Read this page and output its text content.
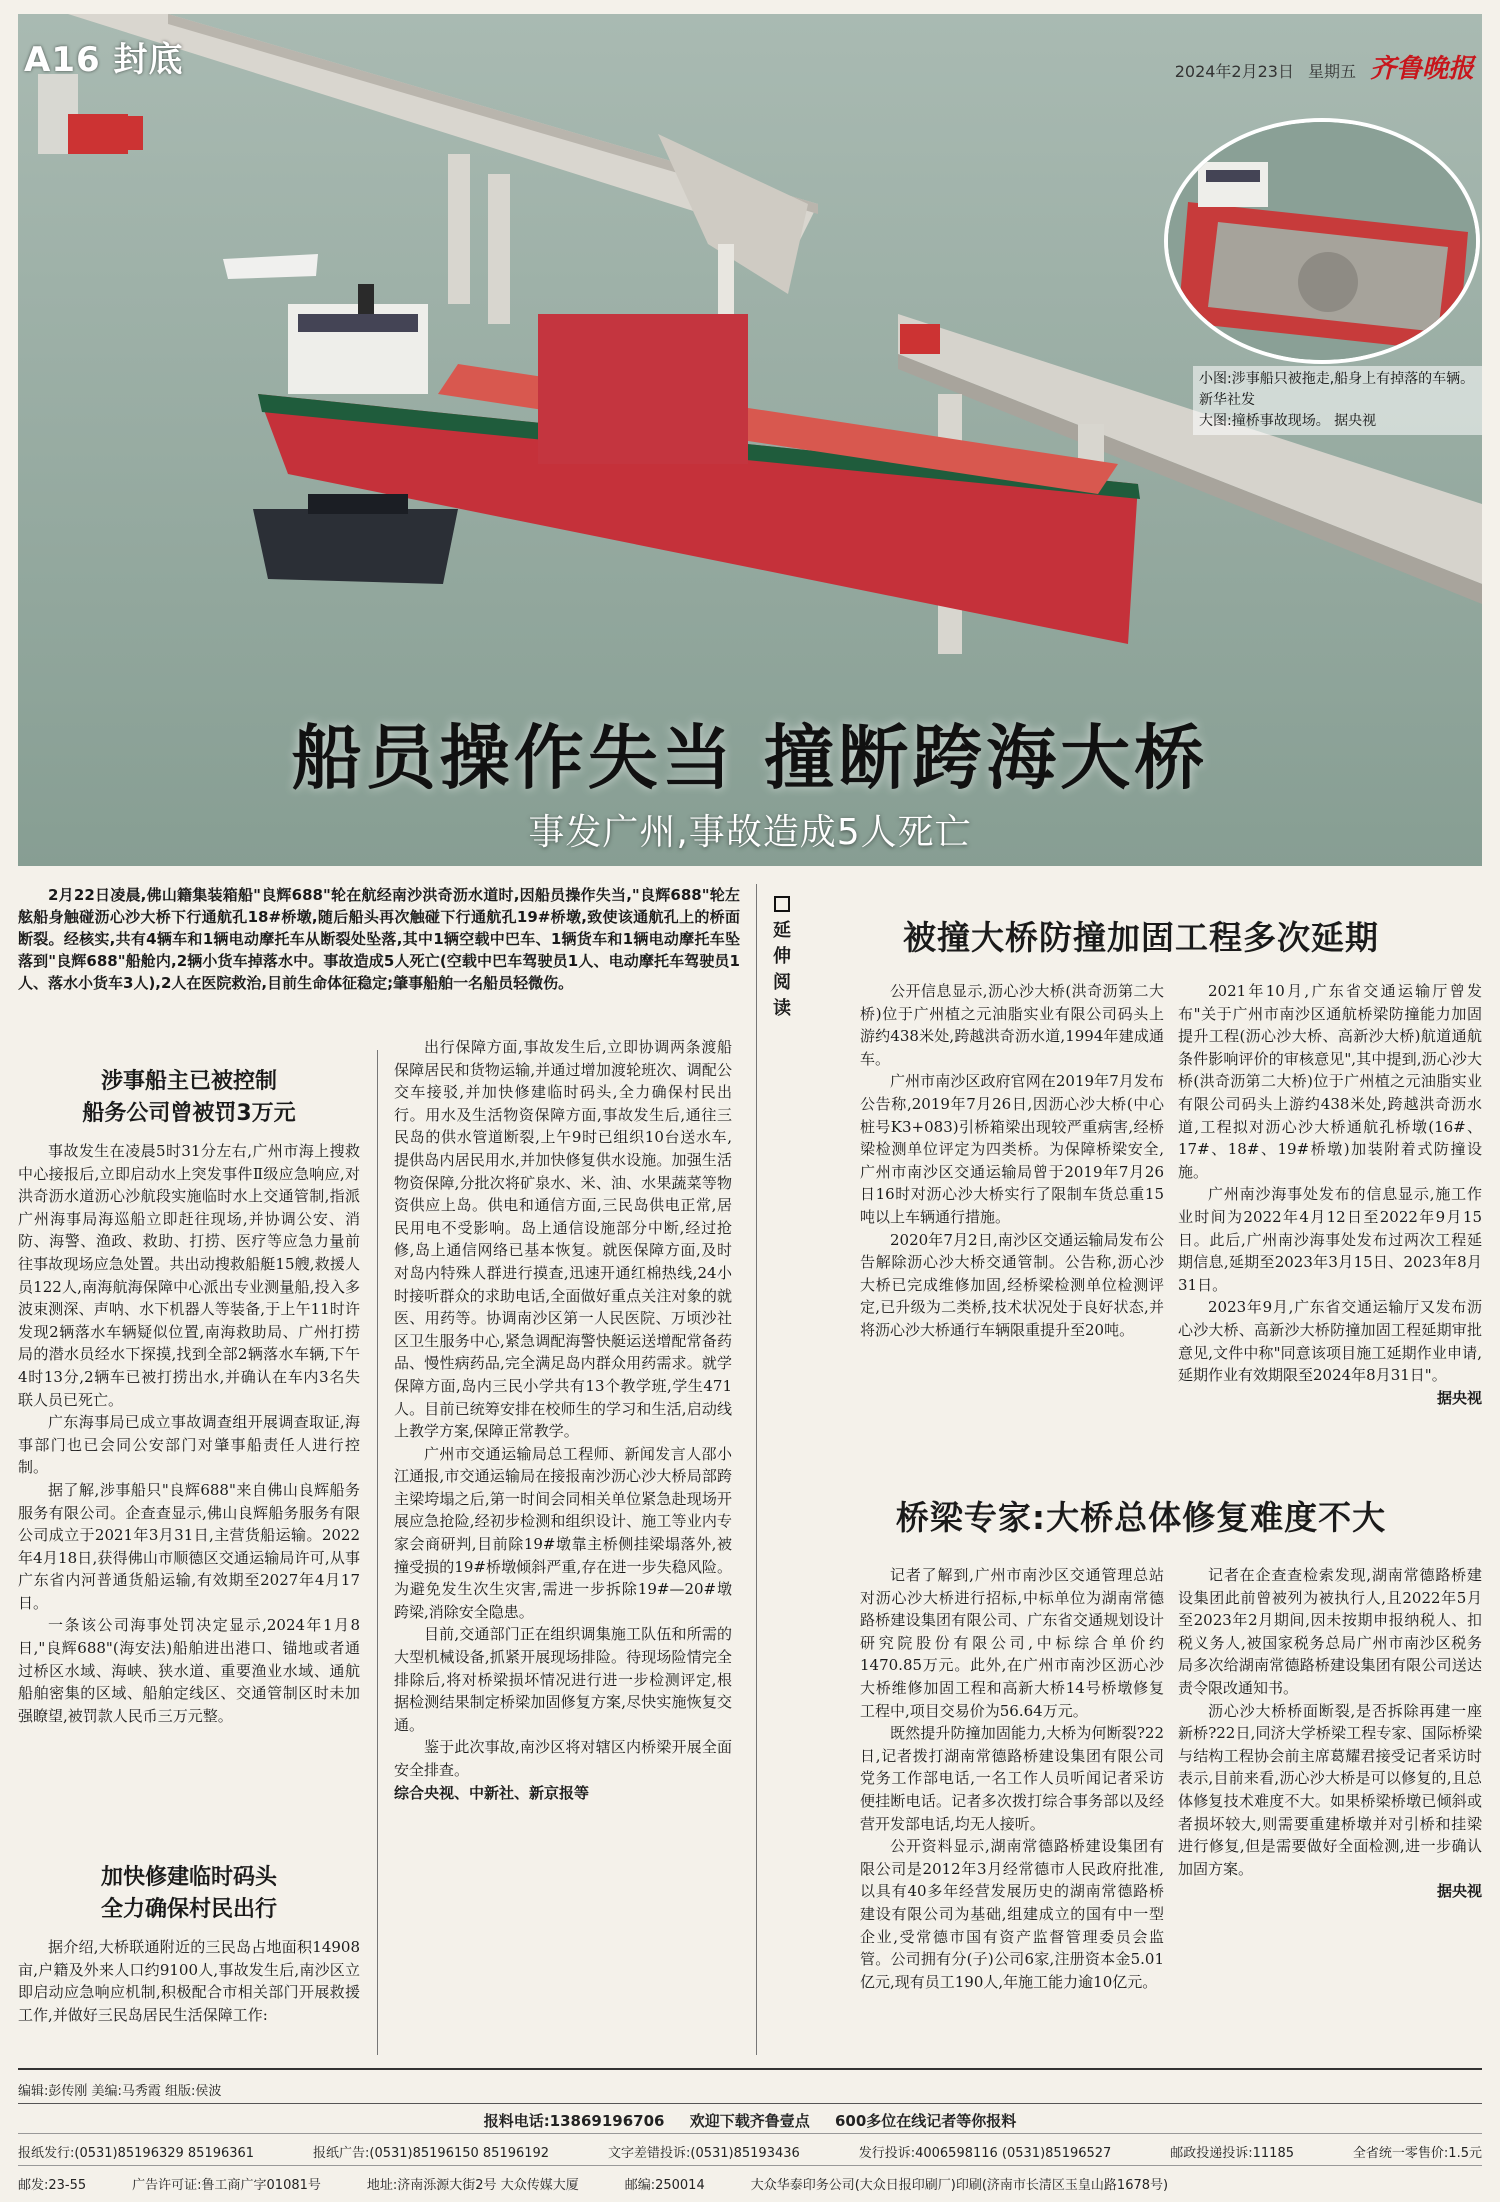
A16 封底	2024年2月23日 星期五 齐鲁晚报
小图:涉事船只被拖走,船身上有掉落的车辆。 新华社发
大图:撞桥事故现场。 据央视
船员操作失当 撞断跨海大桥
事发广州,事故造成5人死亡

2月22日凌晨,佛山籍集装箱船"良辉688"轮在航经南沙洪奇沥水道时,因船员操作失当,"良辉688"轮左舷船身触碰沥心沙大桥下行通航孔18#桥墩,随后船头再次触碰下行通航孔19#桥墩,致使该通航孔上的桥面断裂。经核实,共有4辆车和1辆电动摩托车从断裂处坠落,其中1辆空载中巴车、1辆货车和1辆电动摩托车坠落到"良辉688"船舱内,2辆小货车掉落水中。事故造成5人死亡(空载中巴车驾驶员1人、电动摩托车驾驶员1人、落水小货车3人),2人在医院救治,目前生命体征稳定;肇事船舶一名船员轻微伤。

涉事船主已被控制
船务公司曾被罚3万元

事故发生在凌晨5时31分左右,广州市海上搜救中心接报后,立即启动水上突发事件Ⅱ级应急响应,对洪奇沥水道沥心沙航段实施临时水上交通管制,指派广州海事局海巡船立即赶往现场,并协调公安、消防、海警、渔政、救助、打捞、医疗等应急力量前往事故现场应急处置。共出动搜救船艇15艘,救援人员122人,南海航海保障中心派出专业测量船,投入多波束测深、声呐、水下机器人等装备,于上午11时许发现2辆落水车辆疑似位置,南海救助局、广州打捞局的潜水员经水下探摸,找到全部2辆落水车辆,下午4时13分,2辆车已被打捞出水,并确认在车内3名失联人员已死亡。

广东海事局已成立事故调查组开展调查取证,海事部门也已会同公安部门对肇事船责任人进行控制。

据了解,涉事船只"良辉688"来自佛山良辉船务服务有限公司。企查查显示,佛山良辉船务服务有限公司成立于2021年3月31日,主营货船运输。2022年4月18日,获得佛山市顺德区交通运输局许可,从事广东省内河普通货船运输,有效期至2027年4月17日。

一条该公司海事处罚决定显示,2024年1月8日,"良辉688"(海安法)船舶进出港口、锚地或者通过桥区水域、海峡、狭水道、重要渔业水域、通航船舶密集的区域、船舶定线区、交通管制区时未加强瞭望,被罚款人民币三万元整。

加快修建临时码头
全力确保村民出行

据介绍,大桥联通附近的三民岛占地面积14908亩,户籍及外来人口约9100人,事故发生后,南沙区立即启动应急响应机制,积极配合市相关部门开展救援工作,并做好三民岛居民生活保障工作:

出行保障方面,事故发生后,立即协调两条渡船保障居民和货物运输,并通过增加渡轮班次、调配公交车接驳,并加快修建临时码头,全力确保村民出行。用水及生活物资保障方面,事故发生后,通往三民岛的供水管道断裂,上午9时已组织10台送水车,提供岛内居民用水,并加快修复供水设施。加强生活物资保障,分批次将矿泉水、米、油、水果蔬菜等物资供应上岛。供电和通信方面,三民岛供电正常,居民用电不受影响。岛上通信设施部分中断,经过抢修,岛上通信网络已基本恢复。就医保障方面,及时对岛内特殊人群进行摸查,迅速开通红棉热线,24小时接听群众的求助电话,全面做好重点关注对象的就医、用药等。协调南沙区第一人民医院、万顷沙社区卫生服务中心,紧急调配海警快艇运送增配常备药品、慢性病药品,完全满足岛内群众用药需求。就学保障方面,岛内三民小学共有13个教学班,学生471人。目前已统筹安排在校师生的学习和生活,启动线上教学方案,保障正常教学。

广州市交通运输局总工程师、新闻发言人邵小江通报,市交通运输局在接报南沙沥心沙大桥局部跨主梁垮塌之后,第一时间会同相关单位紧急赴现场开展应急抢险,经初步检测和组织设计、施工等业内专家会商研判,目前除19#墩靠主桥侧挂梁塌落外,被撞受损的19#桥墩倾斜严重,存在进一步失稳风险。为避免发生次生灾害,需进一步拆除19#—20#墩跨梁,消除安全隐患。

目前,交通部门正在组织调集施工队伍和所需的大型机械设备,抓紧开展现场排险。待现场险情完全排除后,将对桥梁损坏情况进行进一步检测评定,根据检测结果制定桥梁加固修复方案,尽快实施恢复交通。

鉴于此次事故,南沙区将对辖区内桥梁开展全面安全排查。

综合央视、中新社、新京报等

延伸阅读
被撞大桥防撞加固工程多次延期

公开信息显示,沥心沙大桥(洪奇沥第二大桥)位于广州植之元油脂实业有限公司码头上游约438米处,跨越洪奇沥水道,1994年建成通车。

广州市南沙区政府官网在2019年7月发布公告称,2019年7月26日,因沥心沙大桥(中心桩号K3+083)引桥箱梁出现较严重病害,经桥梁检测单位评定为四类桥。为保障桥梁安全,广州市南沙区交通运输局曾于2019年7月26日16时对沥心沙大桥实行了限制车货总重15吨以上车辆通行措施。

2020年7月2日,南沙区交通运输局发布公告解除沥心沙大桥交通管制。公告称,沥心沙大桥已完成维修加固,经桥梁检测单位检测评定,已升级为二类桥,技术状况处于良好状态,并将沥心沙大桥通行车辆限重提升至20吨。

2021年10月,广东省交通运输厅曾发布"关于广州市南沙区通航桥梁防撞能力加固提升工程(沥心沙大桥、高新沙大桥)航道通航条件影响评价的审核意见",其中提到,沥心沙大桥(洪奇沥第二大桥)位于广州植之元油脂实业有限公司码头上游约438米处,跨越洪奇沥水道,工程拟对沥心沙大桥通航孔桥墩(16#、17#、18#、19#桥墩)加装附着式防撞设施。

广州南沙海事处发布的信息显示,施工作业时间为2022年4月12日至2022年9月15日。此后,广州南沙海事处发布过两次工程延期信息,延期至2023年3月15日、2023年8月31日。

2023年9月,广东省交通运输厅又发布沥心沙大桥、高新沙大桥防撞加固工程延期审批意见,文件中称"同意该项目施工延期作业申请,延期作业有效期限至2024年8月31日"。

据央视

桥梁专家:大桥总体修复难度不大

记者了解到,广州市南沙区交通管理总站对沥心沙大桥进行招标,中标单位为湖南常德路桥建设集团有限公司、广东省交通规划设计研究院股份有限公司,中标综合单价约1470.85万元。此外,在广州市南沙区沥心沙大桥维修加固工程和高新大桥14号桥墩修复工程中,项目交易价为56.64万元。

既然提升防撞加固能力,大桥为何断裂?22日,记者拨打湖南常德路桥建设集团有限公司党务工作部电话,一名工作人员听闻记者采访便挂断电话。记者多次拨打综合事务部以及经营开发部电话,均无人接听。

公开资料显示,湖南常德路桥建设集团有限公司是2012年3月经常德市人民政府批准,以具有40多年经营发展历史的湖南常德路桥建设有限公司为基础,组建成立的国有中一型企业,受常德市国有资产监督管理委员会监管。公司拥有分(子)公司6家,注册资本金5.01亿元,现有员工190人,年施工能力逾10亿元。

记者在企查查检索发现,湖南常德路桥建设集团此前曾被列为被执行人,且2022年5月至2023年2月期间,因未按期申报纳税人、扣税义务人,被国家税务总局广州市南沙区税务局多次给湖南常德路桥建设集团有限公司送达责令限改通知书。

沥心沙大桥桥面断裂,是否拆除再建一座新桥?22日,同济大学桥梁工程专家、国际桥梁与结构工程协会前主席葛耀君接受记者采访时表示,目前来看,沥心沙大桥是可以修复的,且总体修复技术难度不大。如果桥梁桥墩已倾斜或者损坏较大,则需要重建桥墩并对引桥和挂梁进行修复,但是需要做好全面检测,进一步确认加固方案。

据央视

编辑:彭传刚 美编:马秀霞 组版:侯波
报料电话:13869196706 欢迎下载齐鲁壹点 600多位在线记者等你报料
报纸发行:(0531)85196329 85196361	报纸广告:(0531)85196150 85196192	文字差错投诉:(0531)85193436	发行投诉:4006598116 (0531)85196527	邮政投递投诉:11185	全省统一零售价:1.5元
邮发:23-55	广告许可证:鲁工商广字01081号	地址:济南泺源大街2号 大众传媒大厦	邮编:250014	大众华泰印务公司(大众日报印刷厂)印刷(济南市长清区玉皇山路1678号)
